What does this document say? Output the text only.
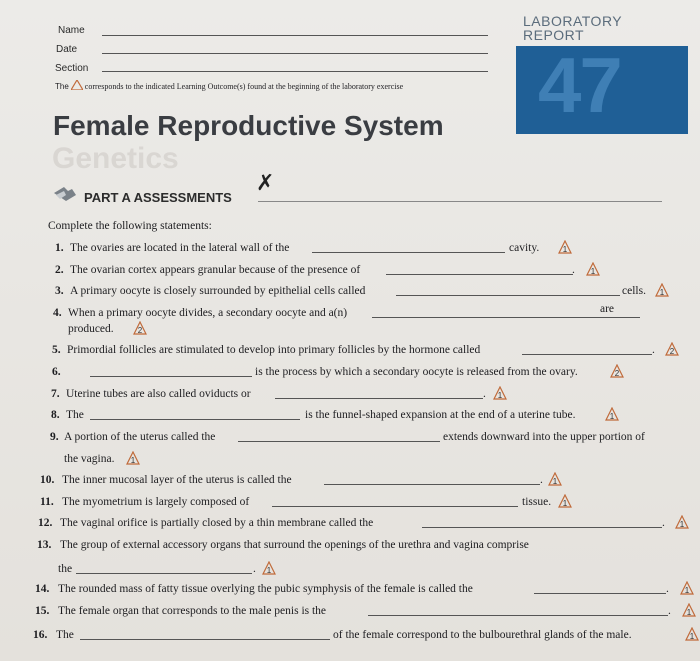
Name
Date
Section
The corresponds to the indicated Learning Outcome(s) found at the beginning of the laboratory exercise
LABORATORY
REPORT
47
Genetics
Female Reproductive System
PART A ASSESSMENTS
✗
Complete the following statements:
1. The ovaries are located in the lateral wall of the	cavity.	1
2. The ovarian cortex appears granular because of the presence of	. 1
3. A primary oocyte is closely surrounded by epithelial cells called	cells. 1
4. When a primary oocyte divides, a secondary oocyte and a(n)	are
produced.	2
5. Primordial follicles are stimulated to develop into primary follicles by the hormone called	. 2
6.	is the process by which a secondary oocyte is released from the ovary.	2
7. Uterine tubes are also called oviducts or	. 1
8. The	is the funnel-shaped expansion at the end of a uterine tube.	1
9. A portion of the uterus called the	extends downward into the upper portion of
the vagina. 1
10. The inner mucosal layer of the uterus is called the	. 1
11. The myometrium is largely composed of	tissue. 1
12. The vaginal orifice is partially closed by a thin membrane called the	. 1
13. The group of external accessory organs that surround the openings of the urethra and vagina comprise
the	. 1
14. The rounded mass of fatty tissue overlying the pubic symphysis of the female is called the	. 1
15. The female organ that corresponds to the male penis is the	. 1
16. The	of the female correspond to the bulbourethral glands of the male.	1
